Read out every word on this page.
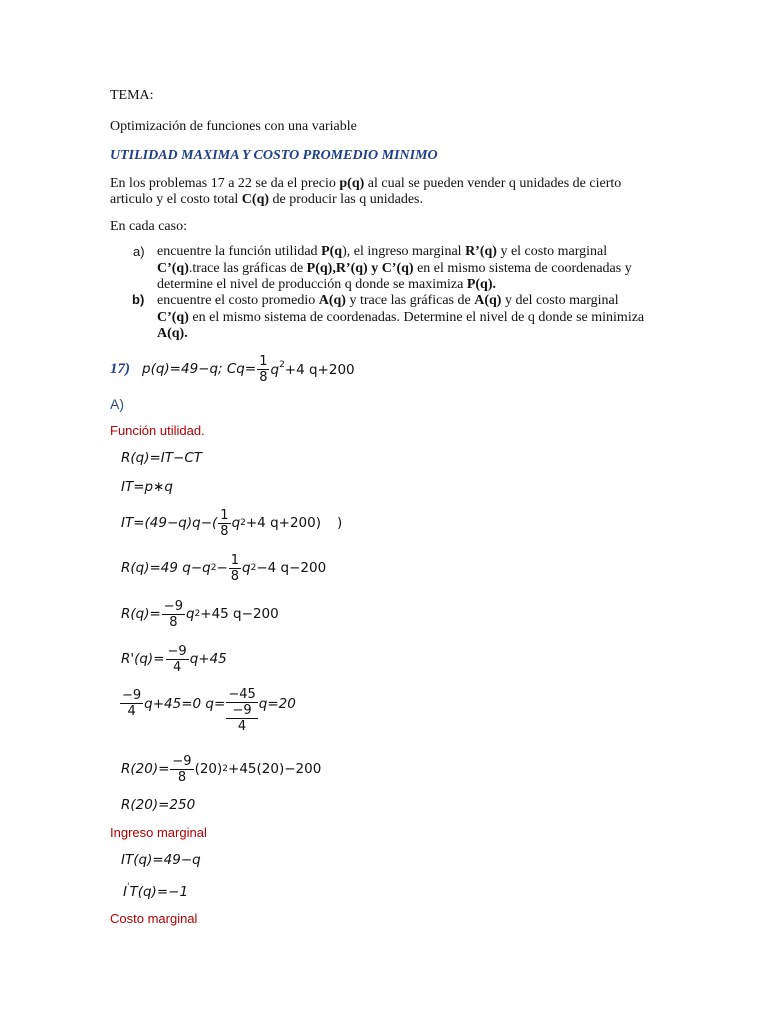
TEMA:
Optimización de funciones con una variable
UTILIDAD MAXIMA Y COSTO PROMEDIO MINIMO
En los problemas 17 a 22 se da el precio p(q) al cual se pueden vender q unidades de cierto
articulo y el costo total C(q) de producir las q unidades.
En cada caso:
a) encuentre la función utilidad P(q), el ingreso marginal R’(q) y el costo marginal
C’(q).trace las gráficas de P(q),R’(q) y C’(q) en el mismo sistema de coordenadas y
determine el nivel de producción q donde se maximiza P(q).
b) encuentre el costo promedio A(q) y trace las gráficas de A(q) y del costo marginal
C’(q) en el mismo sistema de coordenadas. Determine el nivel de q donde se minimiza
A(q).
17) p(q)=49−q; $Cq= \frac{1}{8} q^2+4$ q+200
A)
Función utilidad.
R(q)=IT−CT
IT=p∗q
$IT=(49-q)q-( \frac{1}{8}$ q 2 +4 q+200) )
R(q)=49 q−q $2 - \frac{1}{8}$ q 2 −4 q−200
$R(q)= \frac{-9}{8}$ q 2 +45 q−200
$R'(q)= \frac{-9}{4} q+45$
$\frac{-9}{4} q+45=0$ q= −45
−9
4 q=20
$R(20)= \frac{-9}{8} (20)$ 2 +45(20)−200
R(20)=250
Ingreso marginal
IT(q)=49−q
I'T(q)=−1
Costo marginal
